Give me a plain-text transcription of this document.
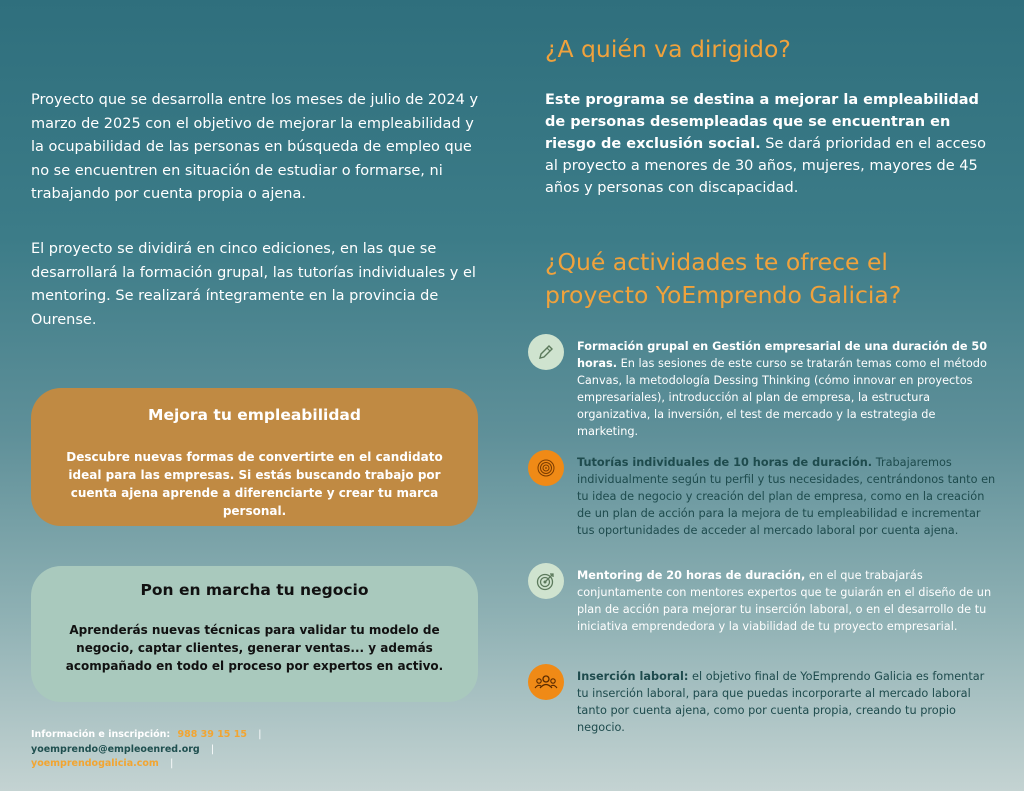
Proyecto que se desarrolla entre los meses de julio de 2024 y marzo de 2025 con el objetivo de mejorar la empleabilidad y la ocupabilidad de las personas en búsqueda de empleo que no se encuentren en situación de estudiar o formarse, ni trabajando por cuenta propia o ajena.

El proyecto se dividirá en cinco ediciones, en las que se desarrollará la formación grupal, las tutorías individuales y el mentoring. Se realizará íntegramente en la provincia de Ourense.

Mejora tu empleabilidad
Descubre nuevas formas de convertirte en el candidato ideal para las empresas. Si estás buscando trabajo por cuenta ajena aprende a diferenciarte y crear tu marca personal.
Pon en marcha tu negocio
Aprenderás nuevas técnicas para validar tu modelo de negocio, captar clientes, generar ventas... y además acompañado en todo el proceso por expertos en activo.
Información e inscripción: 988 39 15 15 |
yoemprendo@empleoenred.org |
yoemprendogalicia.com |
¿A quién va dirigido?

Este programa se destina a mejorar la empleabilidad de personas desempleadas que se encuentran en riesgo de exclusión social. Se dará prioridad en el acceso al proyecto a menores de 30 años, mujeres, mayores de 45 años y personas con discapacidad.

¿Qué actividades te ofrece el proyecto YoEmprendo Galicia?

Formación grupal en Gestión empresarial de una duración de 50 horas. En las sesiones de este curso se tratarán temas como el método Canvas, la metodología Dessing Thinking (cómo innovar en proyectos empresariales), introducción al plan de empresa, la estructura organizativa, la inversión, el test de mercado y la estrategia de marketing.

Tutorías individuales de 10 horas de duración. Trabajaremos individualmente según tu perfil y tus necesidades, centrándonos tanto en tu idea de negocio y creación del plan de empresa, como en la creación de un plan de acción para la mejora de tu empleabilidad e incrementar tus oportunidades de acceder al mercado laboral por cuenta ajena.

Mentoring de 20 horas de duración, en el que trabajarás conjuntamente con mentores expertos que te guiarán en el diseño de un plan de acción para mejorar tu inserción laboral, o en el desarrollo de tu iniciativa emprendedora y la viabilidad de tu proyecto empresarial.

Inserción laboral: el objetivo final de YoEmprendo Galicia es fomentar tu inserción laboral, para que puedas incorporarte al mercado laboral tanto por cuenta ajena, como por cuenta propia, creando tu propio negocio.
